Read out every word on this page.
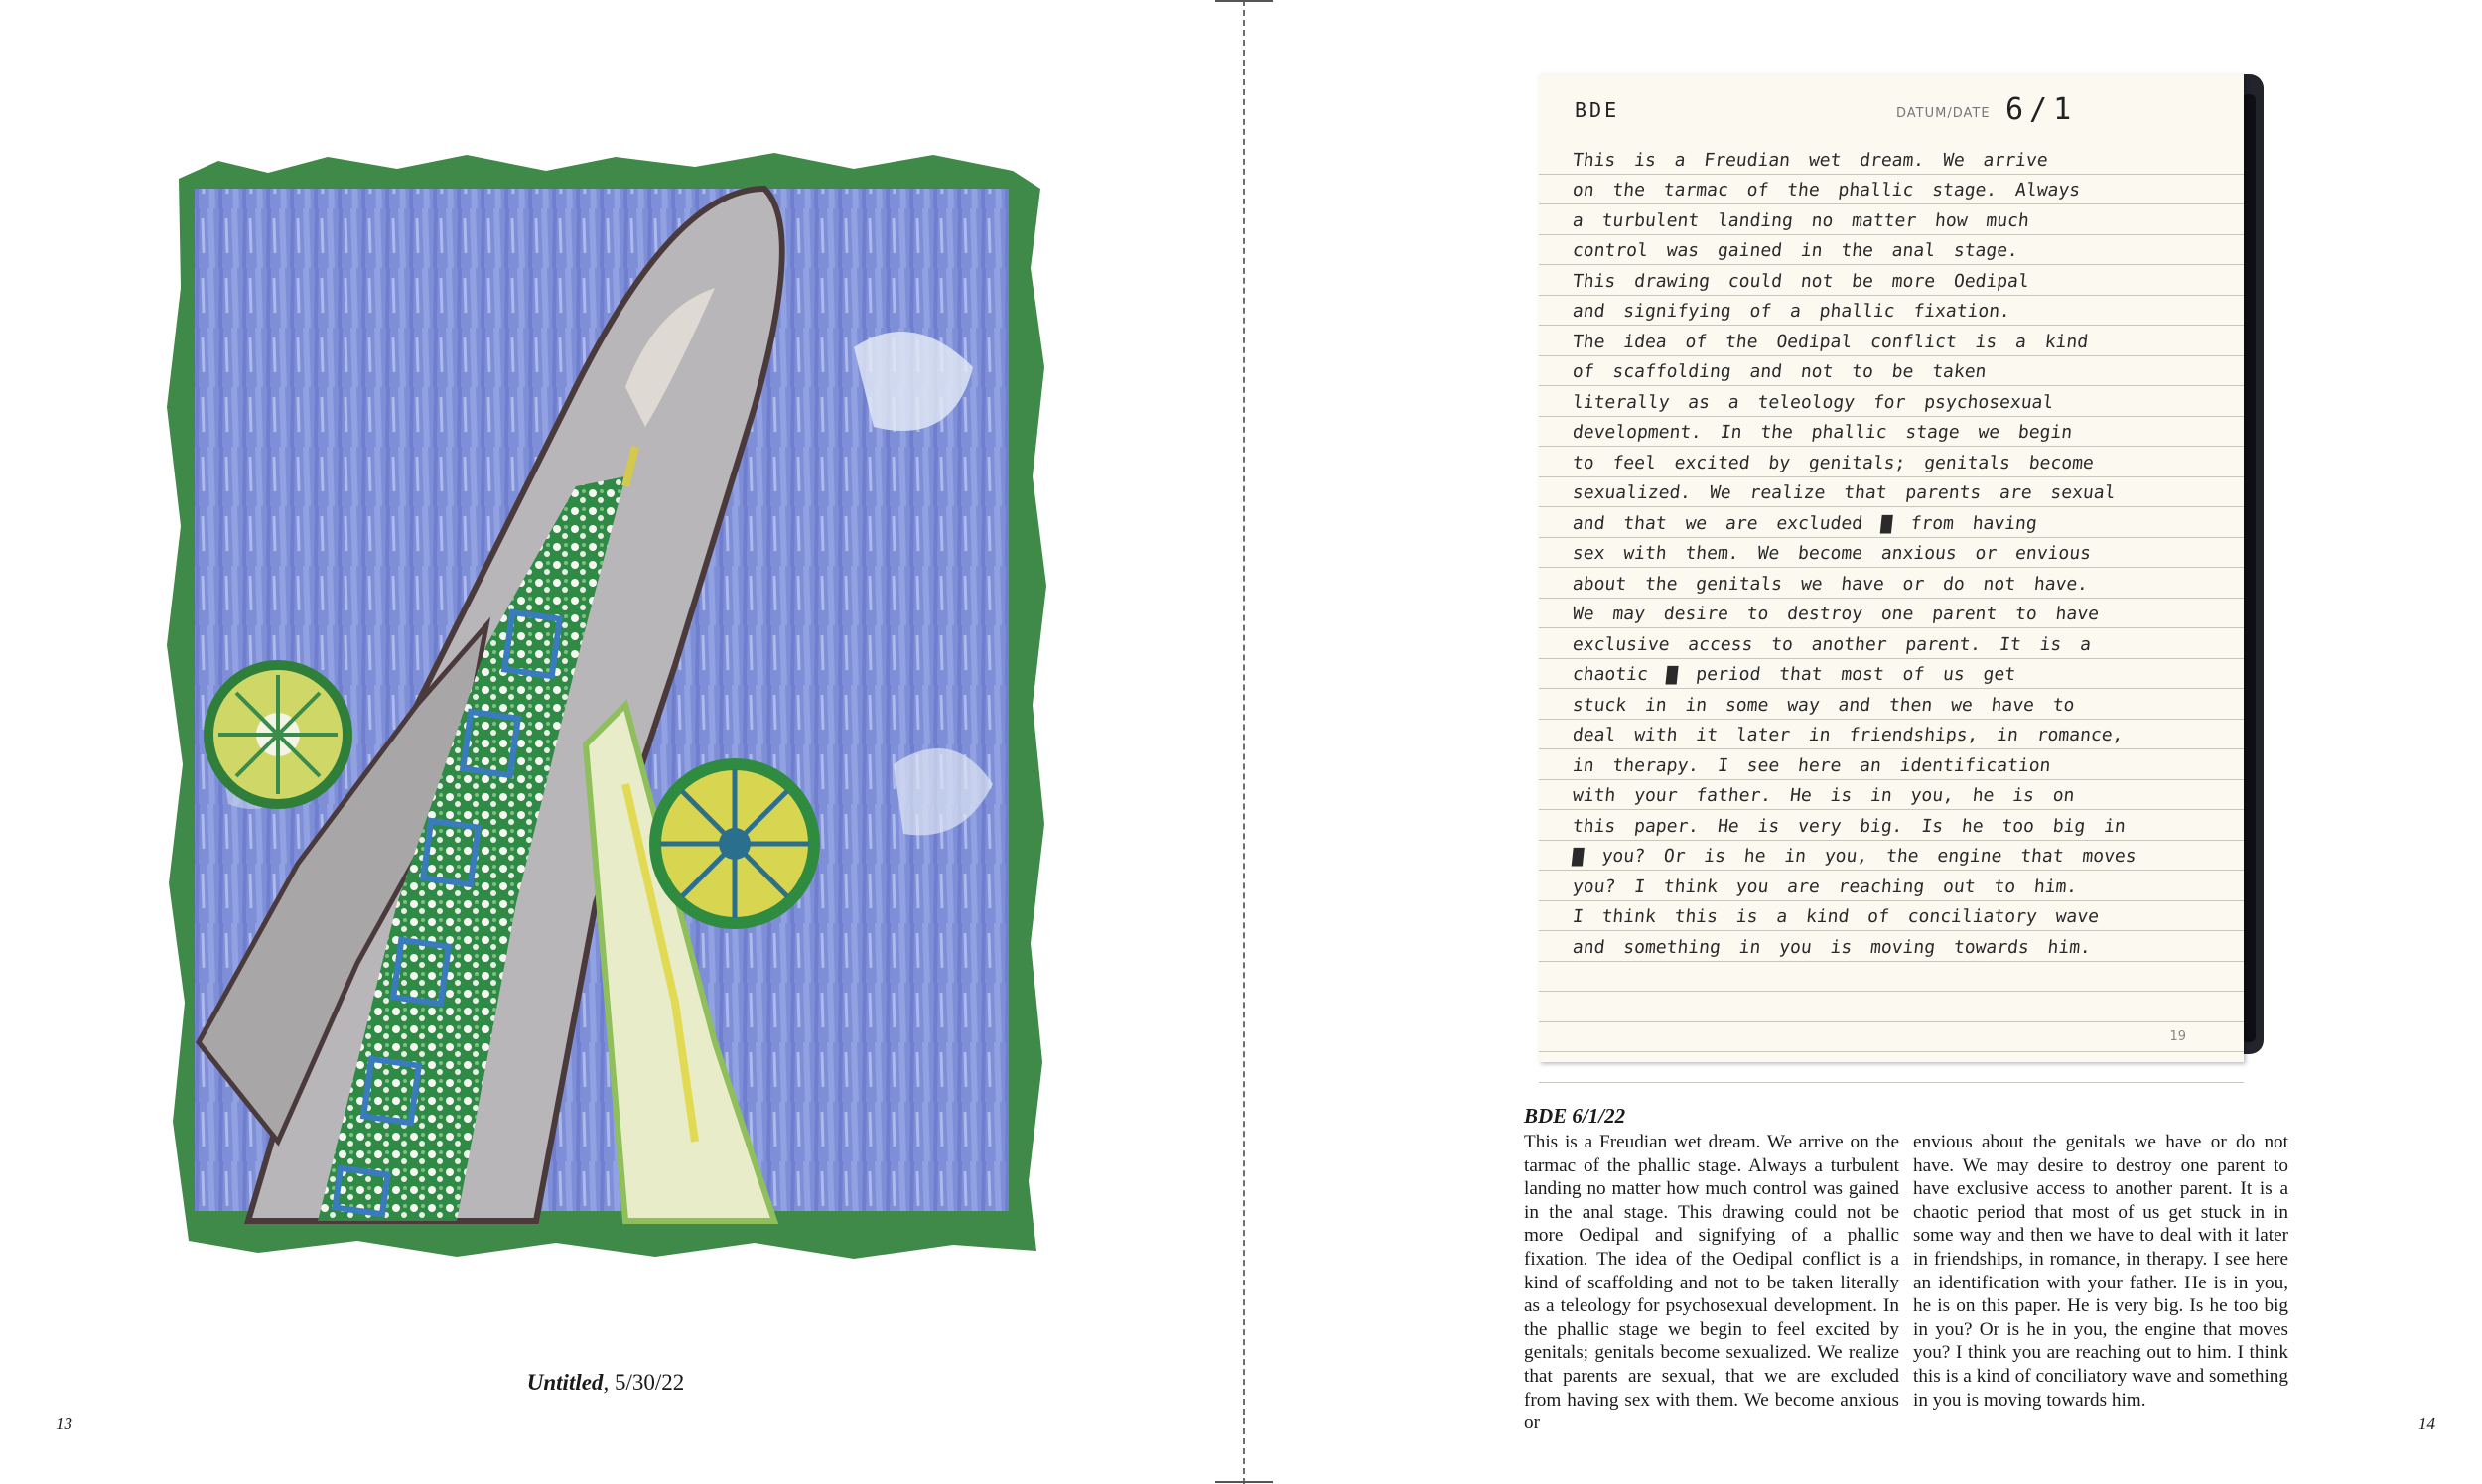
Untitled, 5/30/22
13
BDE	DATUM/DATE 6/1
This is a Freudian wet dream. We arrive
on the tarmac of the phallic stage. Always
a turbulent landing no matter how much
control was gained in the anal stage.
This drawing could not be more Oedipal
and signifying of a phallic fixation.
The idea of the Oedipal conflict is a kind
of scaffolding and not to be taken
literally as a teleology for psychosexual
development. In the phallic stage we begin
to feel excited by genitals; genitals become
sexualized. We realize that parents are sexual
and that we are excluded ▇ from having
sex with them. We become anxious or envious
about the genitals we have or do not have.
We may desire to destroy one parent to have
exclusive access to another parent. It is a
chaotic ▇ period that most of us get
stuck in in some way and then we have to
deal with it later in friendships, in romance,
in therapy. I see here an identification
with your father. He is in you, he is on
this paper. He is very big. Is he too big in
▇ you? Or is he in you, the engine that moves
you? I think you are reaching out to him.
I think this is a kind of conciliatory wave
and something in you is moving towards him.
19
BDE 6/1/22
This is a Freudian wet dream. We arrive on the tarmac of the phallic stage. Always a turbulent landing no matter how much control was gained in the anal stage. This drawing could not be more Oedipal and signifying of a phallic fixation. The idea of the Oedipal conflict is a kind of scaffolding and not to be taken literally as a teleology for psychosexual development. In the phallic stage we begin to feel excited by genitals; genitals become sexualized. We realize that parents are sexual, that we are excluded from having sex with them. We become anxious or
envious about the genitals we have or do not have. We may desire to destroy one parent to have exclusive access to another parent. It is a chaotic period that most of us get stuck in in some way and then we have to deal with it later in friendships, in romance, in therapy. I see here an identification with your father. He is in you, he is on this paper. He is very big. Is he too big in you? Or is he in you, the engine that moves you? I think you are reaching out to him. I think this is a kind of conciliatory wave and something in you is moving towards him.
14
